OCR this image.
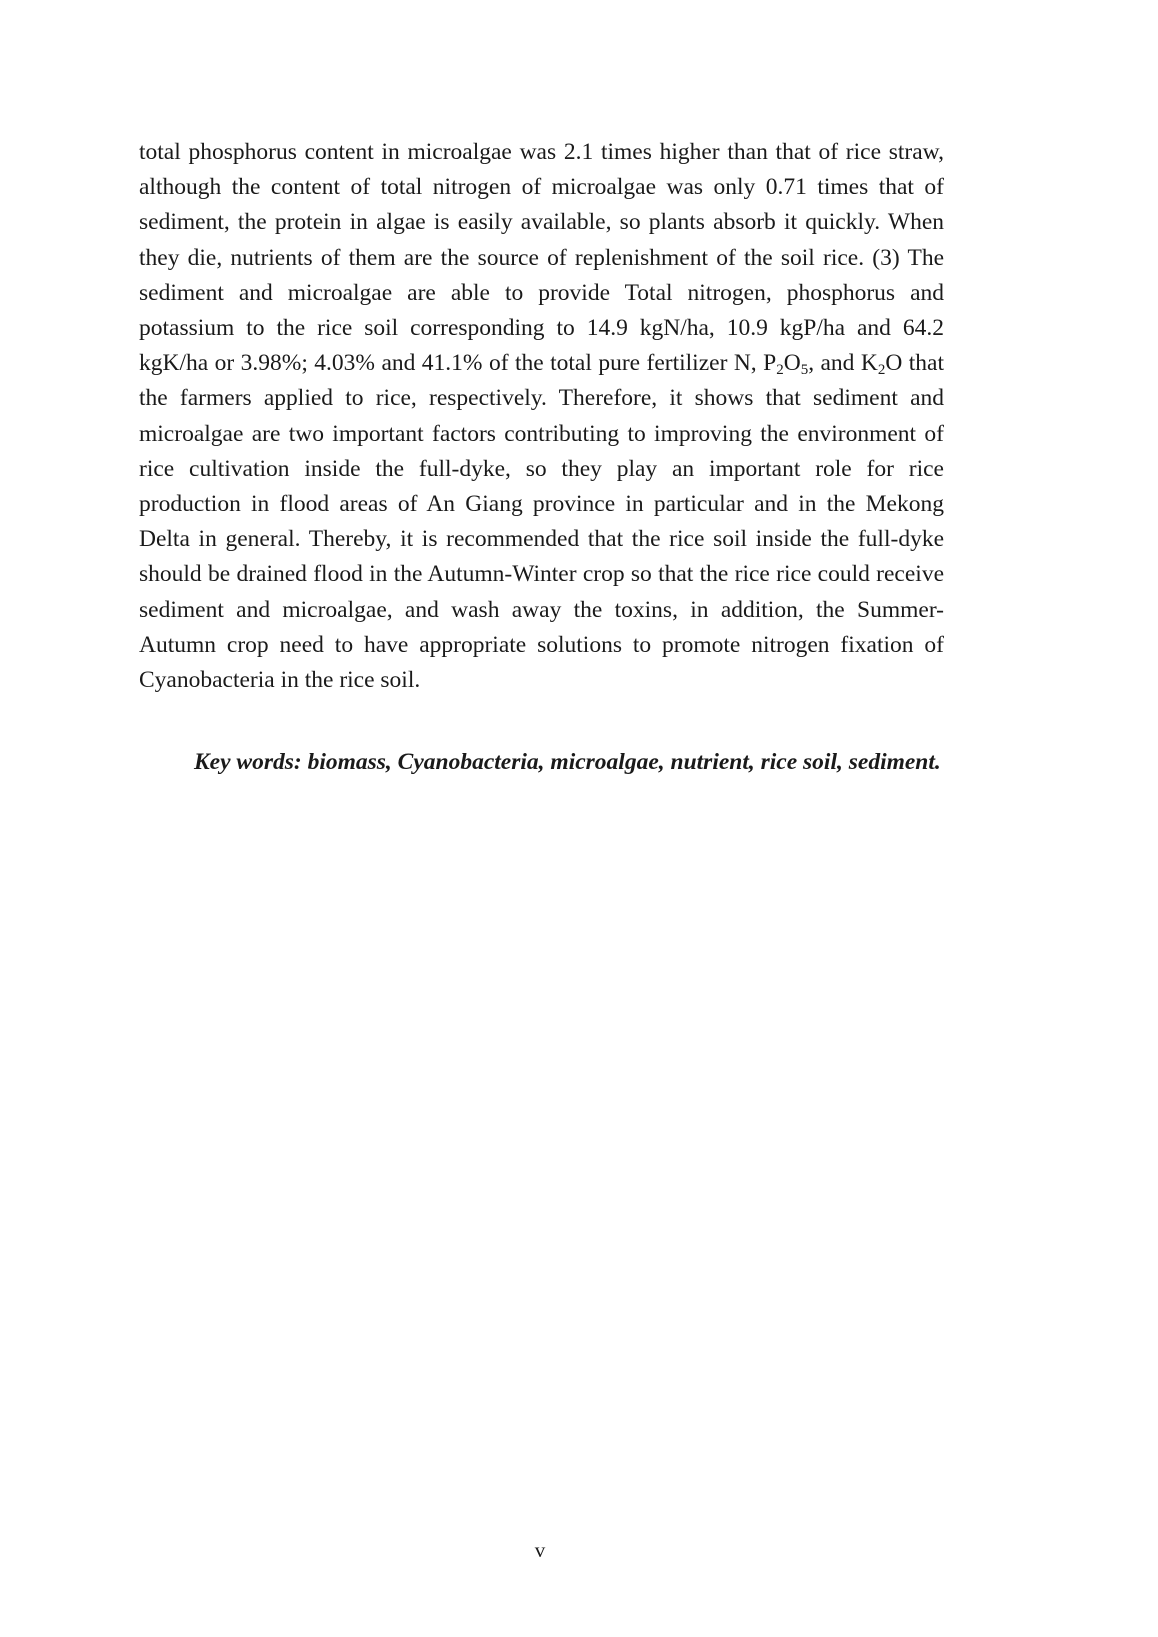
total phosphorus content in microalgae was 2.1 times higher than that of rice straw, although the content of total nitrogen of microalgae was only 0.71 times that of sediment, the protein in algae is easily available, so plants absorb it quickly. When they die, nutrients of them are the source of replenishment of the soil rice. (3) The sediment and microalgae are able to provide Total nitrogen, phosphorus and potassium to the rice soil corresponding to 14.9 kgN/ha, 10.9 kgP/ha and 64.2 kgK/ha or 3.98%; 4.03% and 41.1% of the total pure fertilizer N, $P_2O_5$, and $K_2O$ that the farmers applied to rice, respectively. Therefore, it shows that sediment and microalgae are two important factors contributing to improving the environment of rice cultivation inside the full-dyke, so they play an important role for rice production in flood areas of An Giang province in particular and in the Mekong Delta in general. Thereby, it is recommended that the rice soil inside the full-dyke should be drained flood in the Autumn-Winter crop so that the rice rice could receive sediment and microalgae, and wash away the toxins, in addition, the Summer-Autumn crop need to have appropriate solutions to promote nitrogen fixation of Cyanobacteria in the rice soil.

Key words: biomass, Cyanobacteria, microalgae, nutrient, rice soil, sediment.

v
